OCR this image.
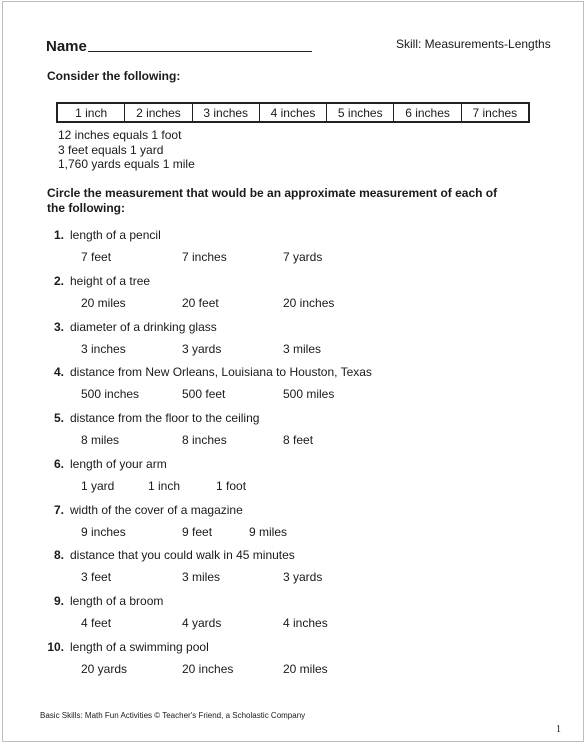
Name	Skill: Measurements-Lengths
Consider the following:
1 inch	2 inches	3 inches	4 inches	5 inches	6 inches	7 inches
12 inches equals 1 foot
3 feet equals 1 yard
1,760 yards equals 1 mile
Circle the measurement that would be an approximate measurement of each of the following:
1. length of a pencil
7 feet	7 inches	7 yards
2. height of a tree
20 miles	20 feet	20 inches
3. diameter of a drinking glass
3 inches	3 yards	3 miles
4. distance from New Orleans, Louisiana to Houston, Texas
500 inches	500 feet	500 miles
5. distance from the floor to the ceiling
8 miles	8 inches	8 feet
6. length of your arm
1 yard	1 inch	1 foot
7. width of the cover of a magazine
9 inches	9 feet	9 miles
8. distance that you could walk in 45 minutes
3 feet	3 miles	3 yards
9. length of a broom
4 feet	4 yards	4 inches
10. length of a swimming pool
20 yards	20 inches	20 miles
Basic Skills: Math Fun Activities © Teacher's Friend, a Scholastic Company
1
